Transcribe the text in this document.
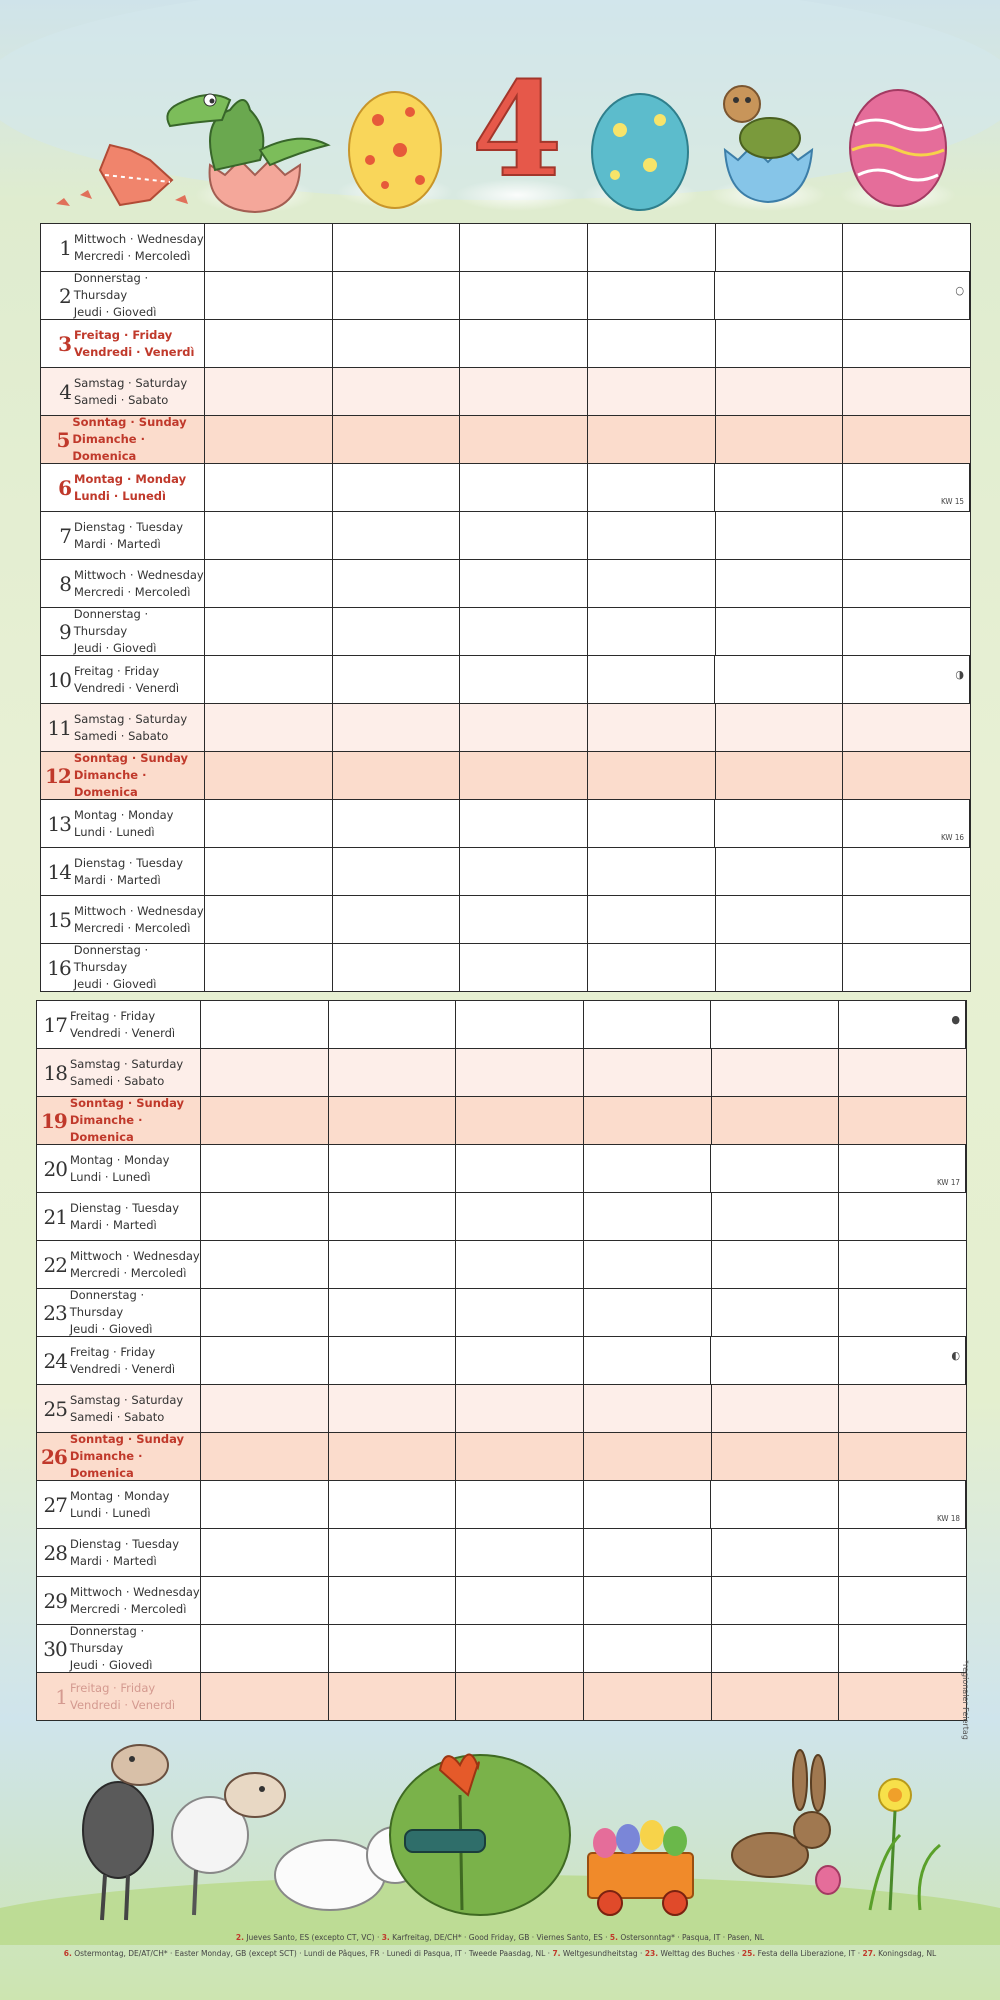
4
1 Mittwoch · Wednesday
Mercredi · Mercoledì
2
Donnerstag · Thursday
Jeudi · Giovedì
○
3 Freitag · Friday
Vendredi · Venerdì
4 Samstag · Saturday
Samedi · Sabato
5
Sonntag · Sunday
Dimanche · Domenica
6 Montag · Monday
Lundi · Lunedì	KW 15
7 Dienstag · Tuesday
Mardi · Martedì
8 Mittwoch · Wednesday
Mercredi · Mercoledì
9
Donnerstag · Thursday
Jeudi · Giovedì
10 Freitag · Friday
Vendredi · Venerdì
◑
11 Samstag · Saturday
Samedi · Sabato
12
Sonntag · Sunday
Dimanche · Domenica
13 Montag · Monday
Lundi · Lunedì	KW 16
14 Dienstag · Tuesday
Mardi · Martedì
15 Mittwoch · Wednesday
Mercredi · Mercoledì
16
Donnerstag · Thursday
Jeudi · Giovedì
17 Freitag · Friday
Vendredi · Venerdì
●
18 Samstag · Saturday
Samedi · Sabato
19
Sonntag · Sunday
Dimanche · Domenica
20 Montag · Monday
Lundi · Lunedì	KW 17
21 Dienstag · Tuesday
Mardi · Martedì
22 Mittwoch · Wednesday
Mercredi · Mercoledì
23
Donnerstag · Thursday
Jeudi · Giovedì
24 Freitag · Friday
Vendredi · Venerdì
◐
25 Samstag · Saturday
Samedi · Sabato
26
Sonntag · Sunday
Dimanche · Domenica
27 Montag · Monday
Lundi · Lunedì	KW 18
28 Dienstag · Tuesday
Mardi · Martedì
29 Mittwoch · Wednesday
Mercredi · Mercoledì
30
Donnerstag · Thursday
Jeudi · Giovedì
1 Freitag · Friday
Vendredi · Venerdì	*regionaler Feiertag
2. Jueves Santo, ES (excepto CT, VC) · 3. Karfreitag, DE/CH* · Good Friday, GB · Viernes Santo, ES · 5. Ostersonntag* · Pasqua, IT · Pasen, NL
6. Ostermontag, DE/AT/CH* · Easter Monday, GB (except SCT) · Lundi de Pâques, FR · Lunedì di Pasqua, IT · Tweede Paasdag, NL · 7. Weltgesundheitstag · 23. Welttag des Buches · 25. Festa della Liberazione, IT · 27. Koningsdag, NL
